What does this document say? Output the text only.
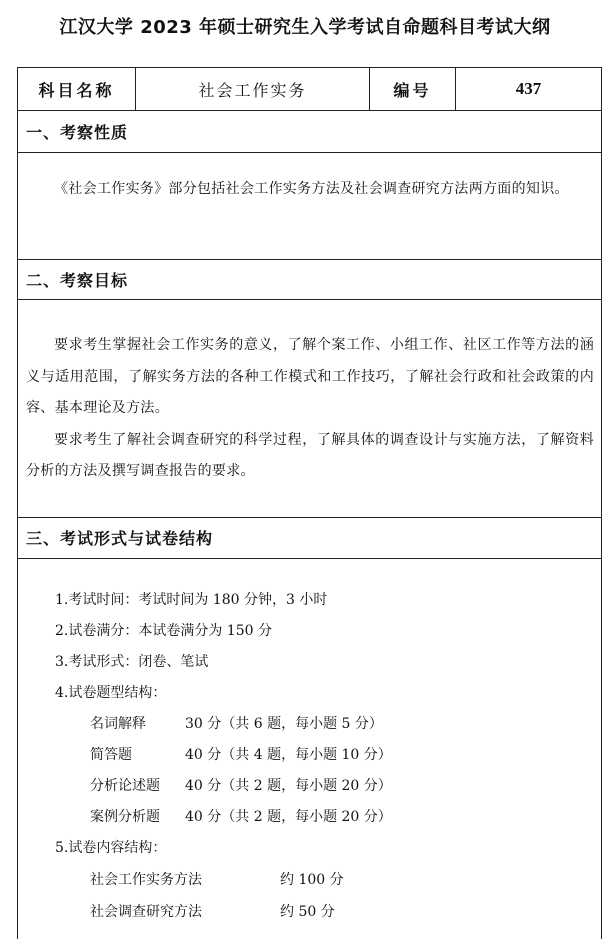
江汉大学 2023 年硕士研究生入学考试自命题科目考试大纲
科目名称	社会工作实务	编号	437
一、考察性质

《社会工作实务》部分包括社会工作实务方法及社会调查研究方法两方面的知识。

二、考察目标

要求考生掌握社会工作实务的意义，了解个案工作、小组工作、社区工作等方法的涵义与适用范围，了解实务方法的各种工作模式和工作技巧，了解社会行政和社会政策的内容、基本理论及方法。

要求考生了解社会调查研究的科学过程，了解具体的调查设计与实施方法，了解资料分析的方法及撰写调查报告的要求。

三、考试形式与试卷结构
1.考试时间：考试时间为 180 分钟，3 小时
2.试卷满分：本试卷满分为 150 分
3.考试形式：闭卷、笔试
4.试卷题型结构：
名词解释	30 分（共 6 题，每小题 5 分）
简答题	40 分（共 4 题，每小题 10 分）
分析论述题 40 分（共 2 题，每小题 20 分）
案例分析题 40 分（共 2 题，每小题 20 分）
5.试卷内容结构：
社会工作实务方法	约 100 分
社会调查研究方法	约 50 分
